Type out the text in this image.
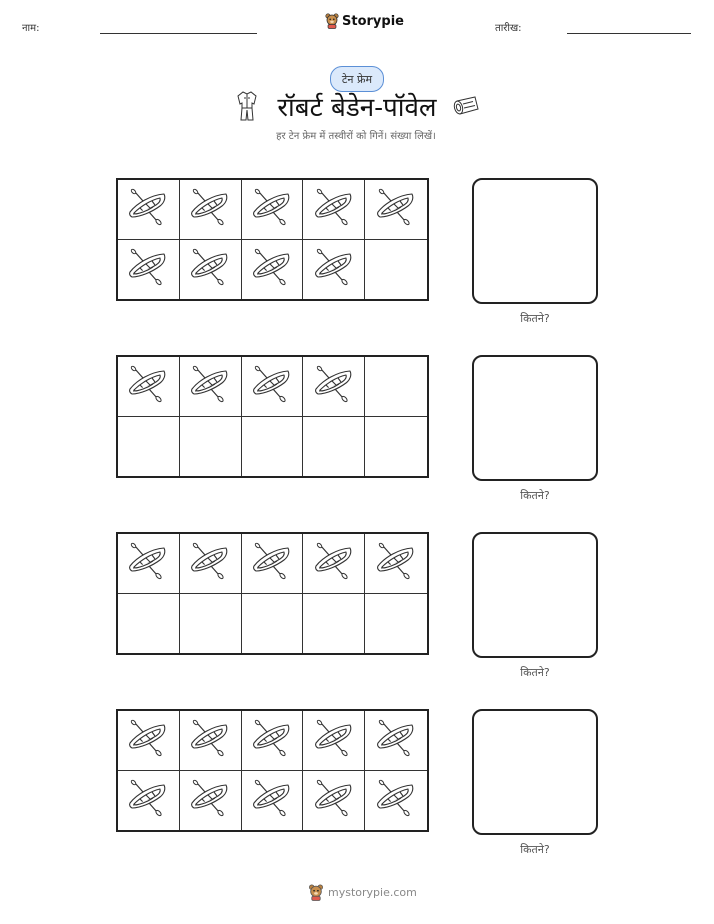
नाम:	Storypie	तारीख:
टेन फ्रेम
रॉबर्ट बेडेन-पॉवेल
हर टेन फ्रेम में तस्वीरों को गिनें। संख्या लिखें।
कितने?
कितने?
कितने?
कितने?
mystorypie.com
